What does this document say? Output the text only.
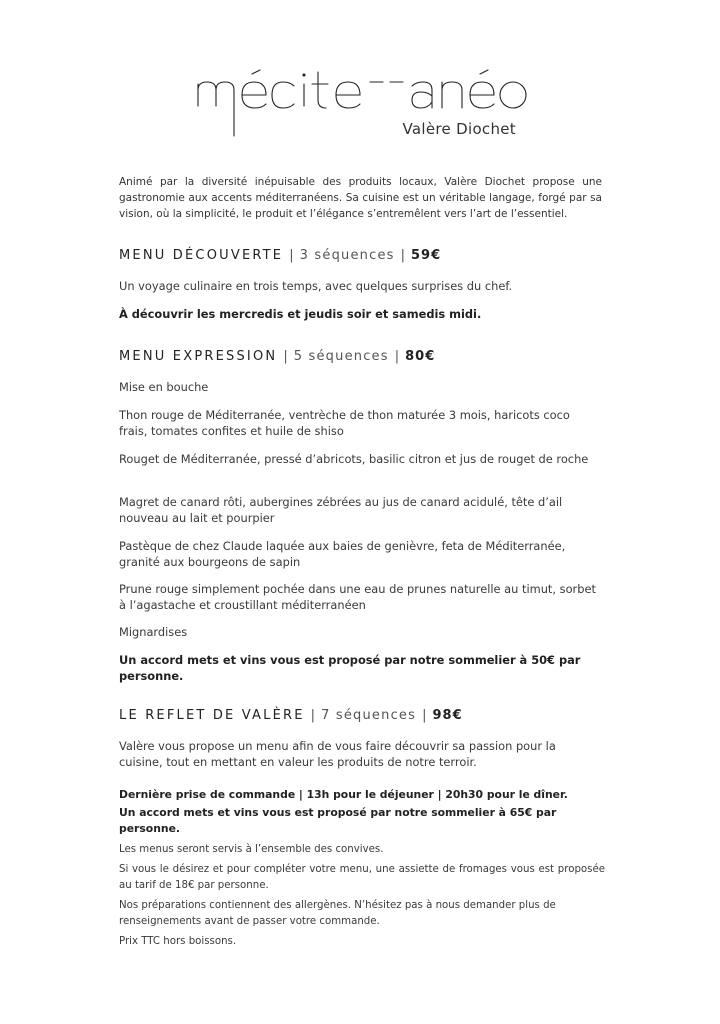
Valère Diochet
Animé par la diversité inépuisable des produits locaux, Valère Diochet propose une gastronomie aux accents méditerranéens. Sa cuisine est un véritable langage, forgé par sa vision, où la simplicité, le produit et l’élégance s’entremêlent vers l’art de l’essentiel.
MENU DÉCOUVERTE | 3 séquences | 59€
Un voyage culinaire en trois temps, avec quelques surprises du chef.
À découvrir les mercredis et jeudis soir et samedis midi.
MENU EXPRESSION | 5 séquences | 80€
Mise en bouche
Thon rouge de Méditerranée, ventrèche de thon maturée 3 mois, haricots coco frais, tomates confites et huile de shiso
Rouget de Méditerranée, pressé d’abricots, basilic citron et jus de rouget de roche
Magret de canard rôti, aubergines zébrées au jus de canard acidulé, tête d’ail nouveau au lait et pourpier
Pastèque de chez Claude laquée aux baies de genièvre, feta de Méditerranée, granité aux bourgeons de sapin
Prune rouge simplement pochée dans une eau de prunes naturelle au timut, sorbet à l’agastache et croustillant méditerranéen
Mignardises
Un accord mets et vins vous est proposé par notre sommelier à 50€ par personne.
LE REFLET DE VALÈRE | 7 séquences | 98€
Valère vous propose un menu afin de vous faire découvrir sa passion pour la cuisine, tout en mettant en valeur les produits de notre terroir.
Dernière prise de commande | 13h pour le déjeuner | 20h30 pour le dîner.
Un accord mets et vins vous est proposé par notre sommelier à 65€ par personne.
Les menus seront servis à l’ensemble des convives.
Si vous le désirez et pour compléter votre menu, une assiette de fromages vous est proposée au tarif de 18€ par personne.
Nos préparations contiennent des allergènes. N’hésitez pas à nous demander plus de renseignements avant de passer votre commande.
Prix TTC hors boissons.
